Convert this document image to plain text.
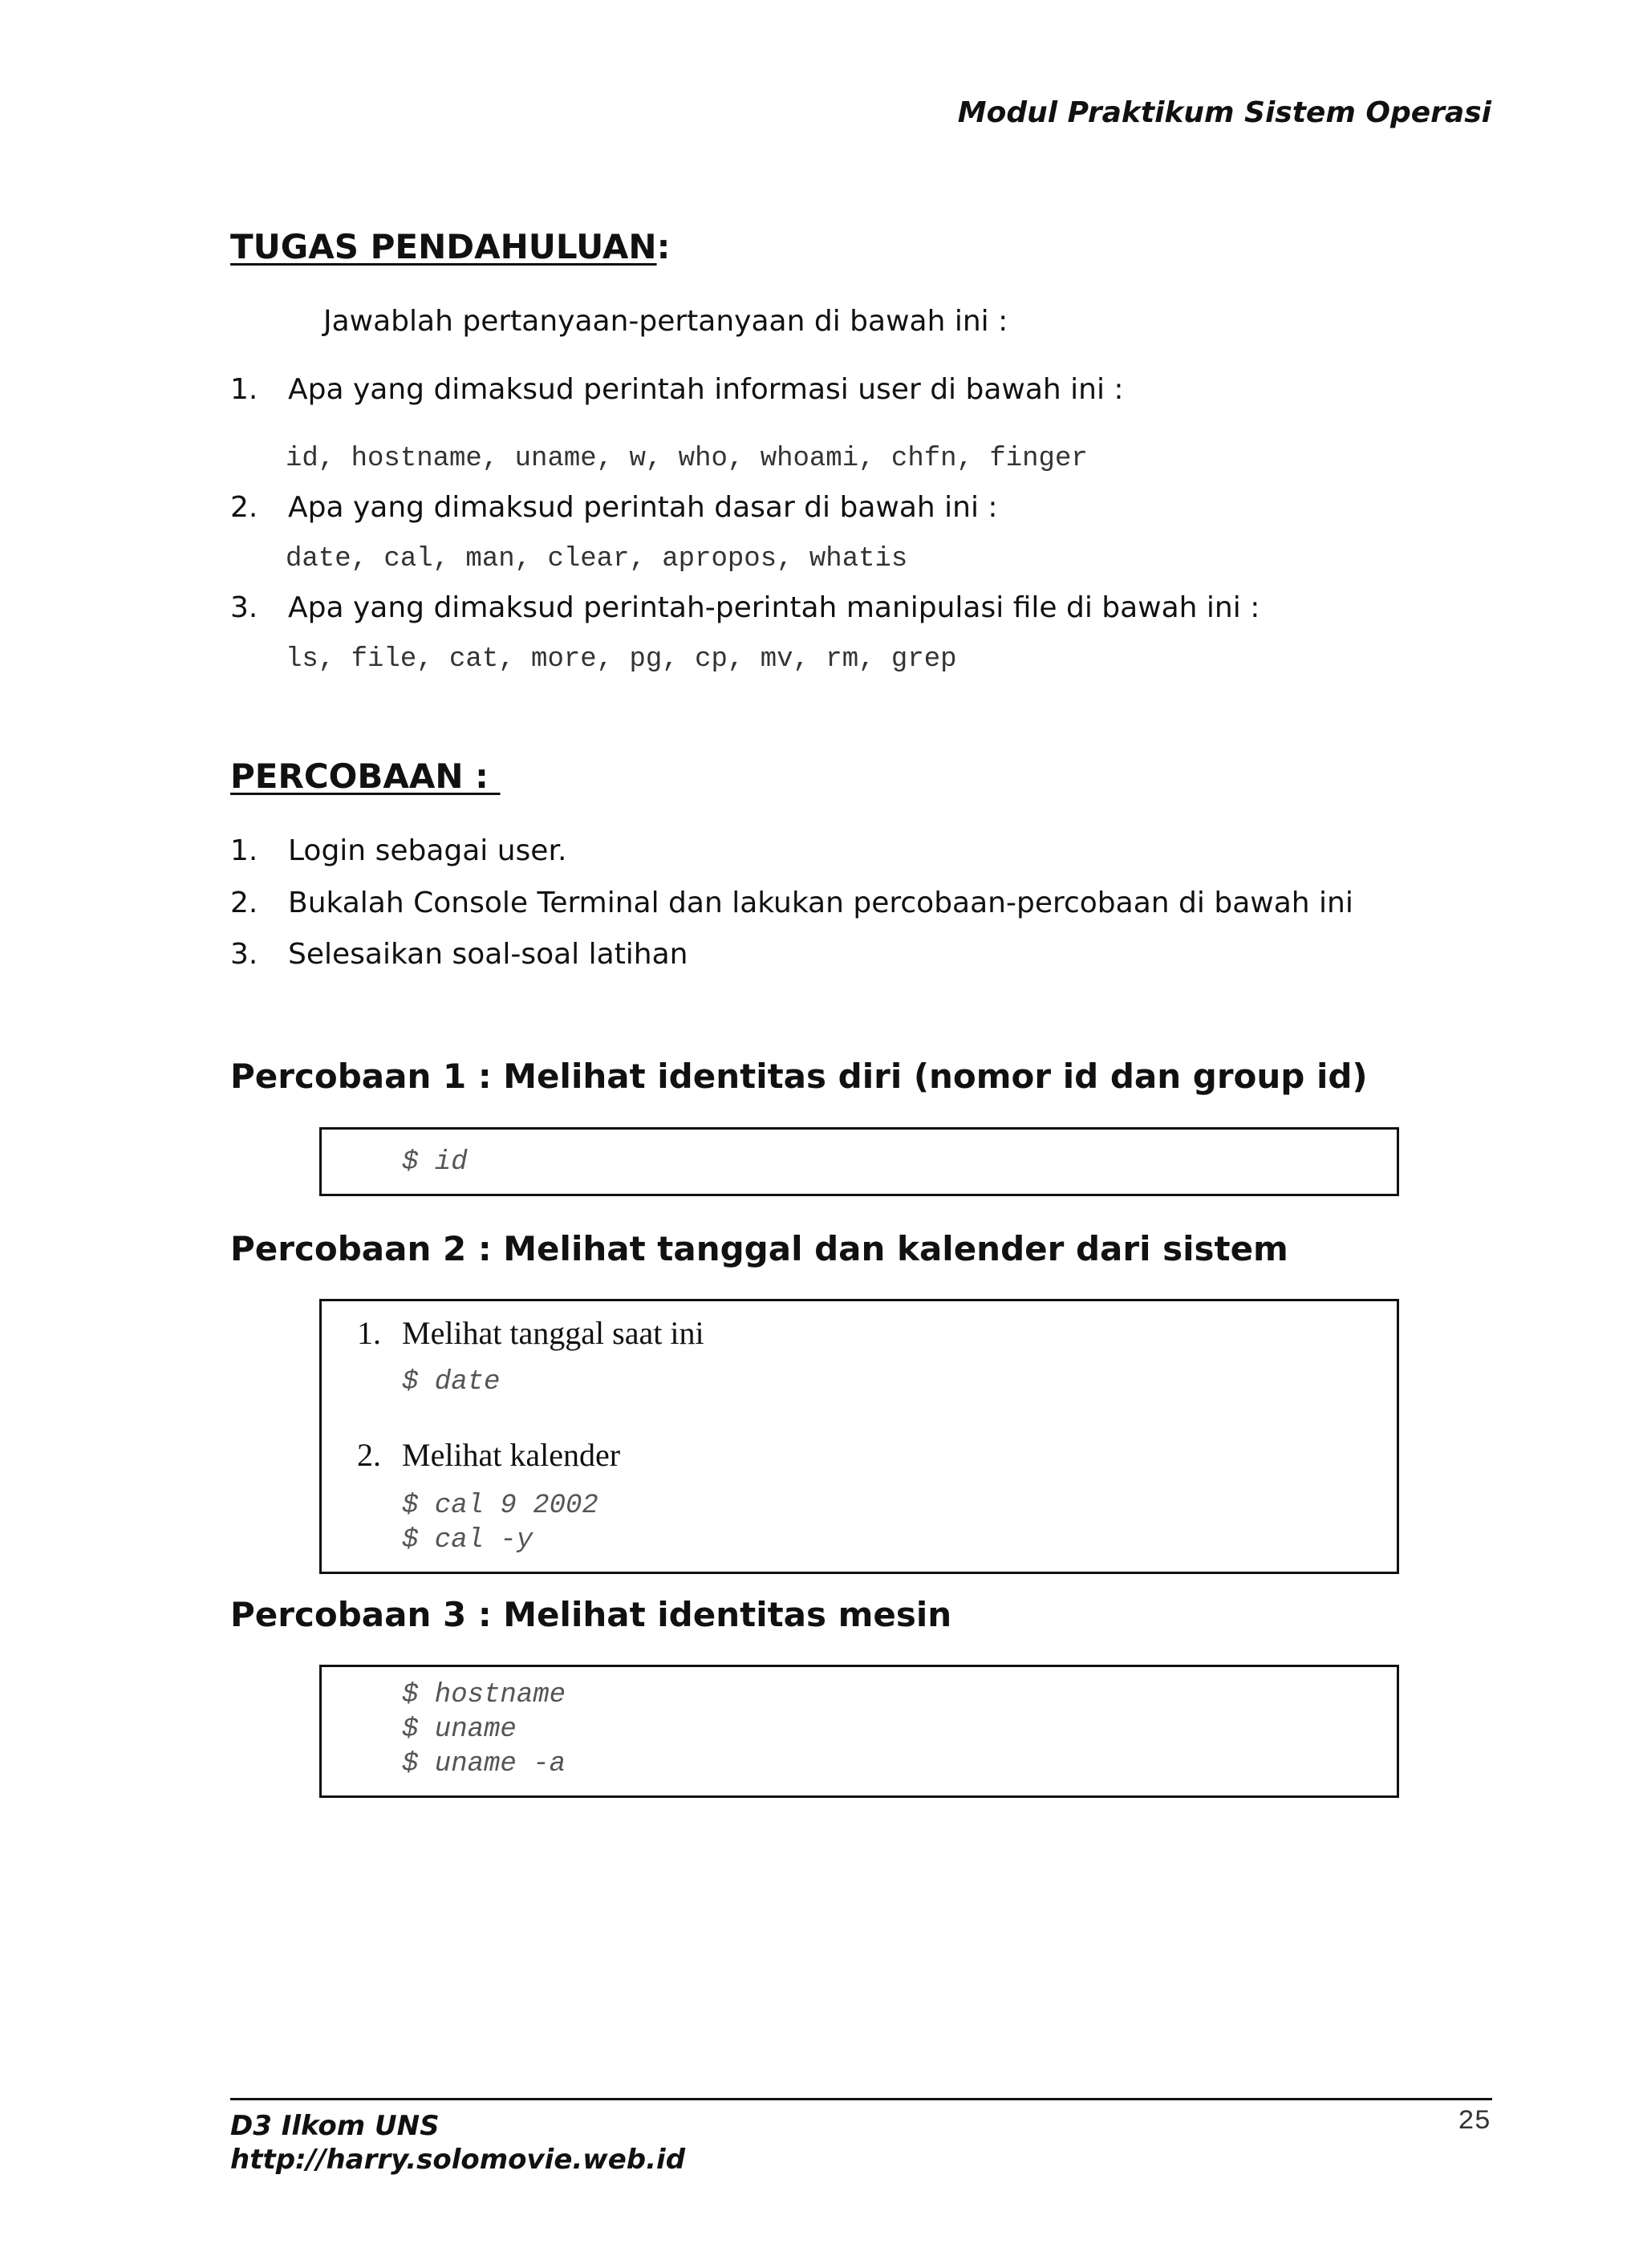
Modul Praktikum Sistem Operasi
TUGAS PENDAHULUAN:
Jawablah pertanyaan-pertanyaan di bawah ini :
1. Apa yang dimaksud perintah informasi user di bawah ini :
id, hostname, uname, w, who, whoami, chfn, finger
2. Apa yang dimaksud perintah dasar di bawah ini :
date, cal, man, clear, apropos, whatis
3. Apa yang dimaksud perintah-perintah manipulasi file di bawah ini :
ls, file, cat, more, pg, cp, mv, rm, grep
PERCOBAAN :
1. Login sebagai user.
2. Bukalah Console Terminal dan lakukan percobaan-percobaan di bawah ini
3. Selesaikan soal-soal latihan
Percobaan 1 : Melihat identitas diri (nomor id dan group id)
$ id
Percobaan 2 : Melihat tanggal dan kalender dari sistem
1. Melihat tanggal saat ini
$ date
2. Melihat kalender
$ cal 9 2002
$ cal -y
Percobaan 3 : Melihat identitas mesin
$ hostname
$ uname
$ uname -a
D3 Ilkom UNS
http://harry.solomovie.web.id
25
